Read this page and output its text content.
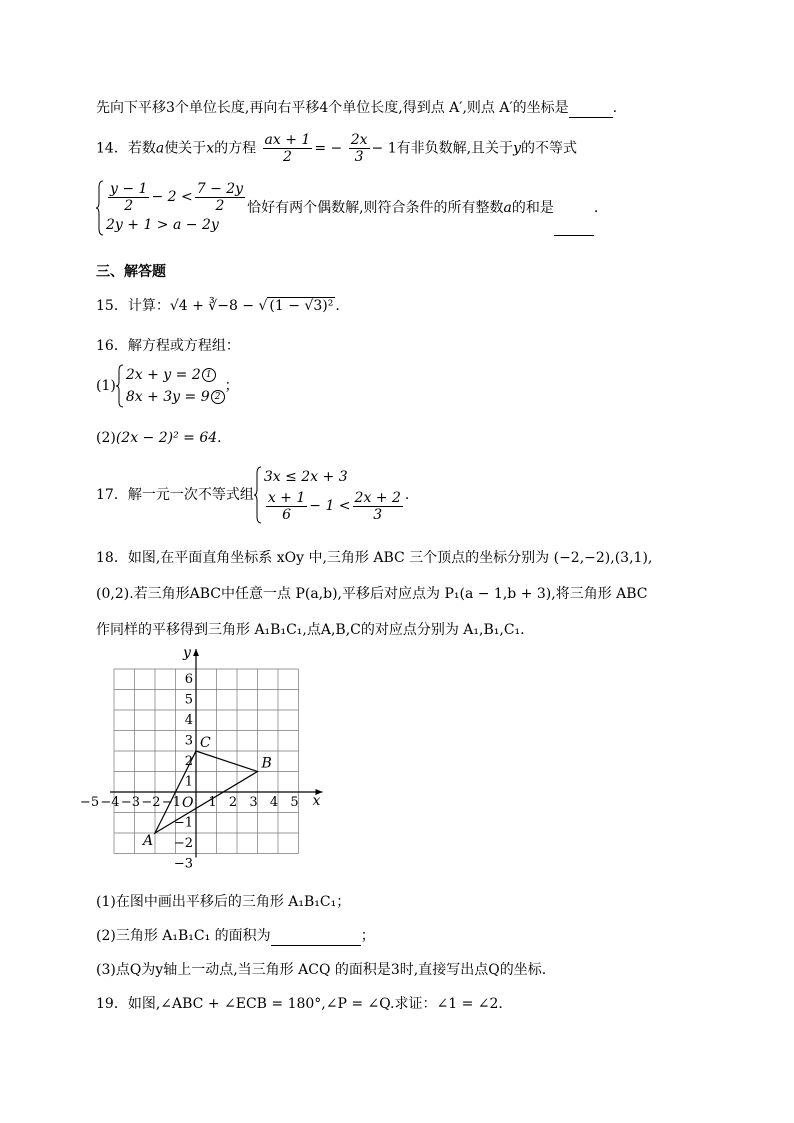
先向下平移3个单位长度,再向右平移4个单位长度,得到点 A′,则点 A′的坐标是	.
14．若数a使关于x的方程 $\frac{ax + 1}{2}$ = − $\frac{2x}{3} - 1$有非负数解,且关于y的不等式
$\frac{y - 1}{2} - 2 < \frac{7 - 2y}{2}$
2y + 1 > a − 2y
恰好有两个偶数解,则符合条件的所有整数a的和是	.
三、解答题
15．计算：√4 + ∛−8 − √ (1 − √3)² .
16．解方程或方程组：
(1)
2x + y = 2 1
8x + 3y = 9 2
；
(2)(2x − 2)² = 64.
17．解一元一次不等式组
3x ≤ 2x + 3
$\frac{x + 1}{6} - 1 < \frac{2x + 2}{3}$ .
18．如图,在平面直角坐标系 xOy 中,三角形 ABC 三个顶点的坐标分别为 (−2,−2),(3,1),
(0,2).若三角形ABC中任意一点 P(a,b),平移后对应点为 P₁(a − 1,b + 3),将三角形 ABC
作同样的平移得到三角形 A₁B₁C₁,点A,B,C的对应点分别为 A₁,B₁,C₁.
x
y
O
−5 −4 −3 −2 −1 1 2 3 4 5
6
5
4
3
2
1
−1
−2
−3
A
B
C
(1)在图中画出平移后的三角形 A₁B₁C₁；
(2)三角形 A₁B₁C₁ 的面积为	；
(3)点Q为y轴上一动点,当三角形 ACQ 的面积是3时,直接写出点Q的坐标.
19．如图,∠ABC + ∠ECB = 180°,∠P = ∠Q.求证：∠1 = ∠2.
